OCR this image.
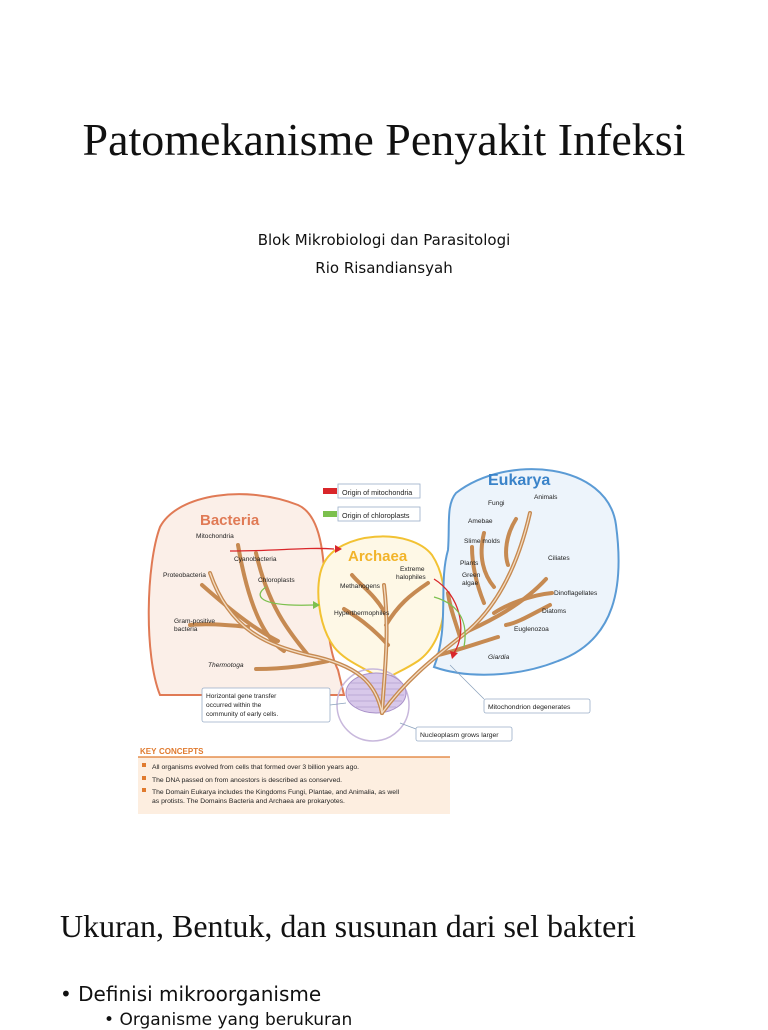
Patomekanisme Penyakit Infeksi
Blok Mikrobiologi dan Parasitologi
Rio Risandiansyah
Origin of mitochondria
Origin of chloroplasts
Bacteria
Archaea
Eukarya
Mitochondria
Cyanobacteria
Proteobacteria
Chloroplasts
Gram-positive
bacteria
Thermotoga
Methanogens
Extreme
halophiles
Hyperthermophiles
Fungi
Animals
Amebae
Slime molds
Plants
Green
algae
Ciliates
Dinoflagellates
Diatoms
Euglenozoa
Giardia
Horizontal gene transfer
occurred within the
community of early cells.
Mitochondrion degenerates
Nucleoplasm grows larger
KEY CONCEPTS
All organisms evolved from cells that formed over 3 billion years ago.
The DNA passed on from ancestors is described as conserved.
The Domain Eukarya includes the Kingdoms Fungi, Plantae, and Animalia, as well
as protists. The Domains Bacteria and Archaea are prokaryotes.
Ukuran, Bentuk, dan susunan dari sel bakteri
• Definisi mikroorganisme
• Organisme yang berukuran
